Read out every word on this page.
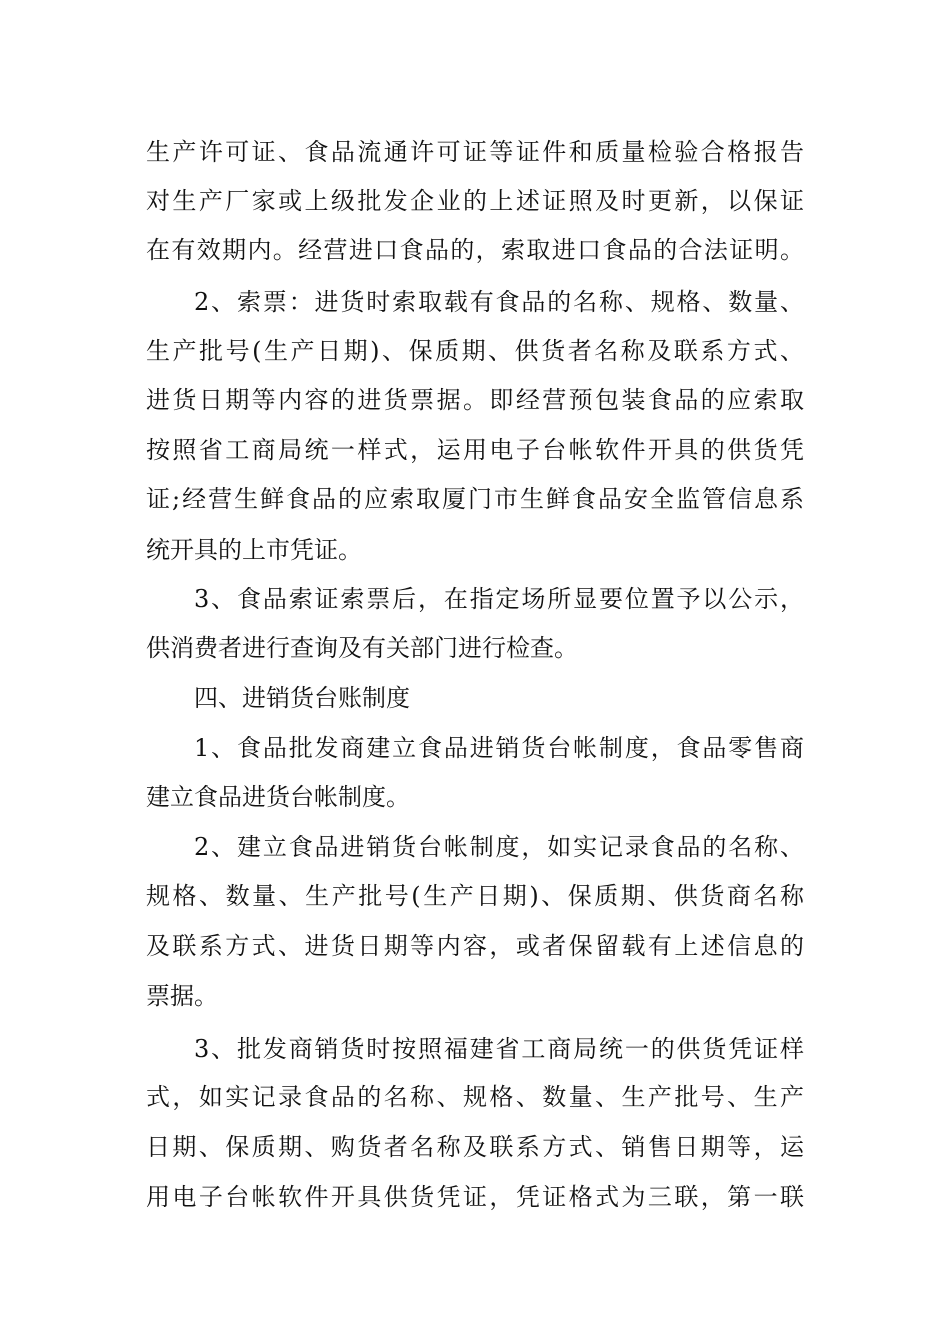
生产许可证、食品流通许可证等证件和质量检验合格报告
对生产厂家或上级批发企业的上述证照及时更新，以保证
在有效期内。经营进口食品的，索取进口食品的合法证明。
2、索票：进货时索取载有食品的名称、规格、数量、
生产批号(生产日期)、保质期、供货者名称及联系方式、
进货日期等内容的进货票据。即经营预包装食品的应索取
按照省工商局统一样式，运用电子台帐软件开具的供货凭
证;经营生鲜食品的应索取厦门市生鲜食品安全监管信息系
统开具的上市凭证。
3、食品索证索票后，在指定场所显要位置予以公示，
供消费者进行查询及有关部门进行检查。
四、进销货台账制度
1、食品批发商建立食品进销货台帐制度，食品零售商
建立食品进货台帐制度。
2、建立食品进销货台帐制度，如实记录食品的名称、
规格、数量、生产批号(生产日期)、保质期、供货商名称
及联系方式、进货日期等内容，或者保留载有上述信息的
票据。
3、批发商销货时按照福建省工商局统一的供货凭证样
式，如实记录食品的名称、规格、数量、生产批号、生产
日期、保质期、购货者名称及联系方式、销售日期等，运
用电子台帐软件开具供货凭证，凭证格式为三联，第一联
